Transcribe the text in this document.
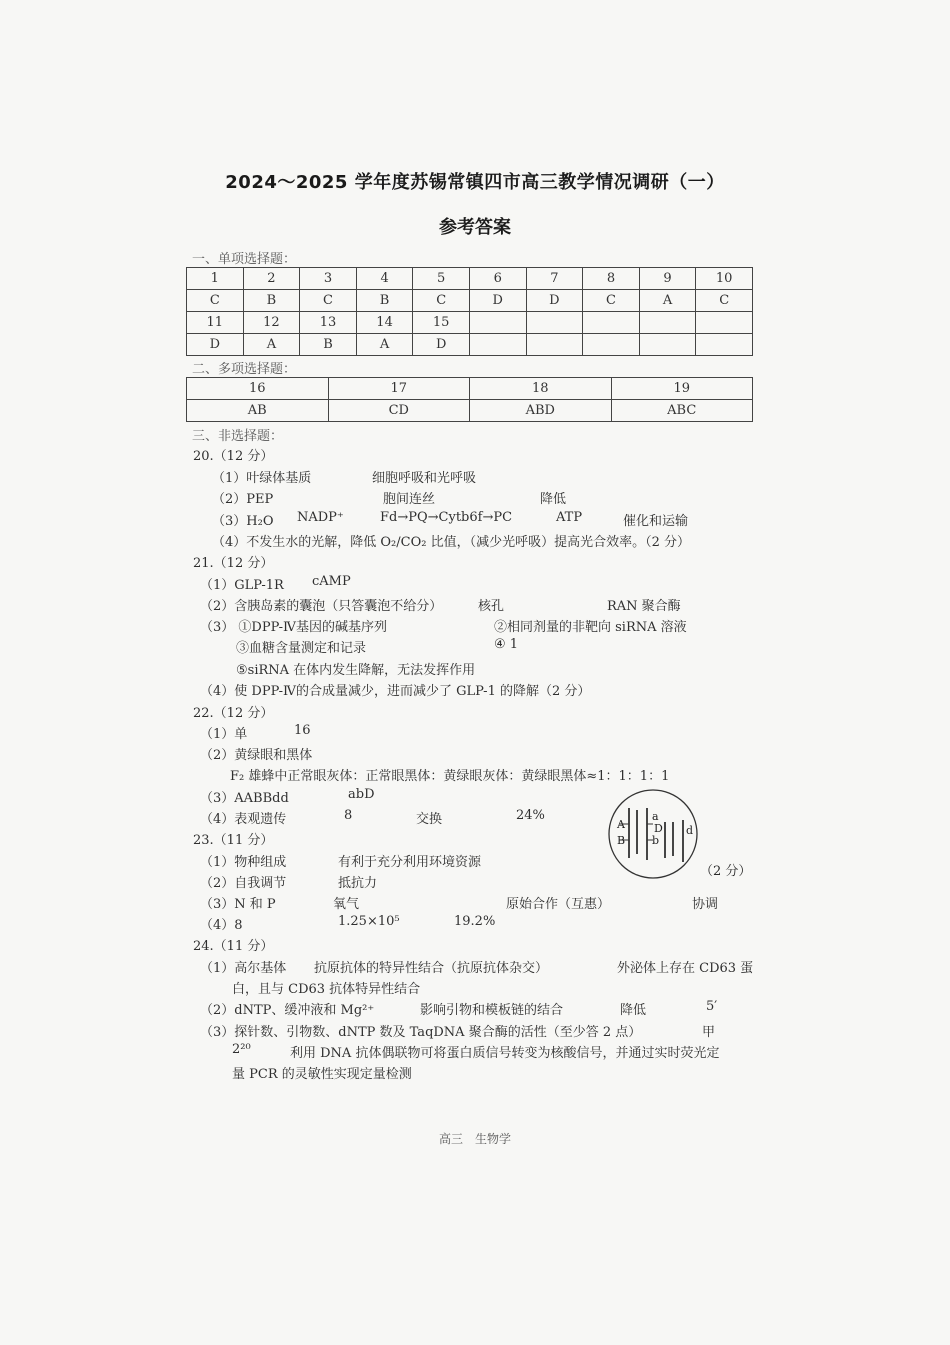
2024～2025 学年度苏锡常镇四市高三教学情况调研（一）
参考答案
一、单项选择题：
1	2	3	4	5	6	7	8	9	10
C	B	C	B	C	D	D	C	A	C
11	12	13	14	15					
D	A	B	A	D					
二、多项选择题：
16	17	18	19
AB	CD	ABD	ABC
三、非选择题：
20.（12 分）
（1）叶绿体基质	细胞呼吸和光呼吸
（2）PEP	胞间连丝	降低
（3）H₂O NADP⁺	Fd→PQ→Cytb6f→PC	ATP	催化和运输
（4）不发生水的光解，降低 O₂/CO₂ 比值，（减少光呼吸）提高光合效率。（2 分）
21.（12 分）
（1）GLP-1R cAMP
（2）含胰岛素的囊泡（只答囊泡不给分）	核孔	RAN 聚合酶
（3） ①DPP-Ⅳ基因的碱基序列	②相同剂量的非靶向 siRNA 溶液
③血糖含量测定和记录	④ 1
⑤siRNA 在体内发生降解，无法发挥作用
（4）使 DPP-Ⅳ的合成量减少，进而减少了 GLP-1 的降解（2 分）
22.（12 分）
（1）单	16
（2）黄绿眼和黑体
F₂ 雄蜂中正常眼灰体：正常眼黑体：黄绿眼灰体：黄绿眼黑体≈1：1：1：1
（3）AABBdd	abD
（4）表观遗传	8	交换	24%
A
B
a
D
b
d
（2 分）
23.（11 分）
（1）物种组成	有利于充分利用环境资源
（2）自我调节	抵抗力
（3）N 和 P	氧气	原始合作（互惠）	协调
（4）8	1.25×10⁵	19.2%
24.（11 分）
（1）高尔基体 抗原抗体的特异性结合（抗原抗体杂交）	外泌体上存在 CD63 蛋
白，且与 CD63 抗体特异性结合
（2）dNTP、缓冲液和 Mg²⁺	影响引物和模板链的结合	降低	5′
（3）探针数、引物数、dNTP 数及 TaqDNA 聚合酶的活性（至少答 2 点）	甲
2²⁰	利用 DNA 抗体偶联物可将蛋白质信号转变为核酸信号，并通过实时荧光定
量 PCR 的灵敏性实现定量检测
高三　生物学
